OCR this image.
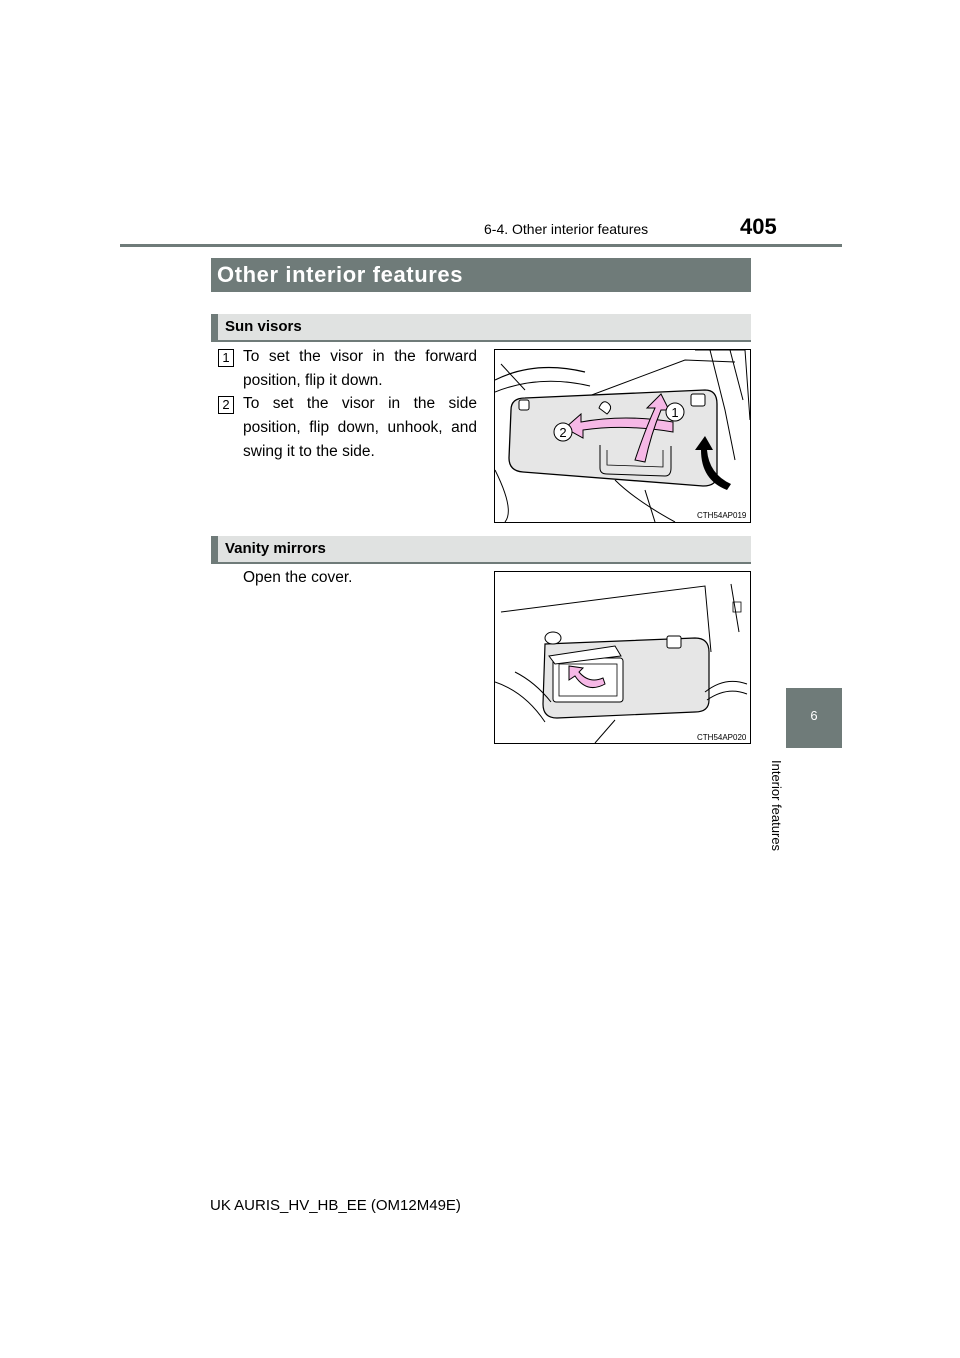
6-4. Other interior features	405
Other interior features
Sun visors
1 To set the visor in the forward position, flip it down.
2 To set the visor in the side position, flip down, unhook, and swing it to the side.
1
2
CTH54AP019
Vanity mirrors
Open the cover.
CTH54AP020
6
Interior features
UK AURIS_HV_HB_EE (OM12M49E)
